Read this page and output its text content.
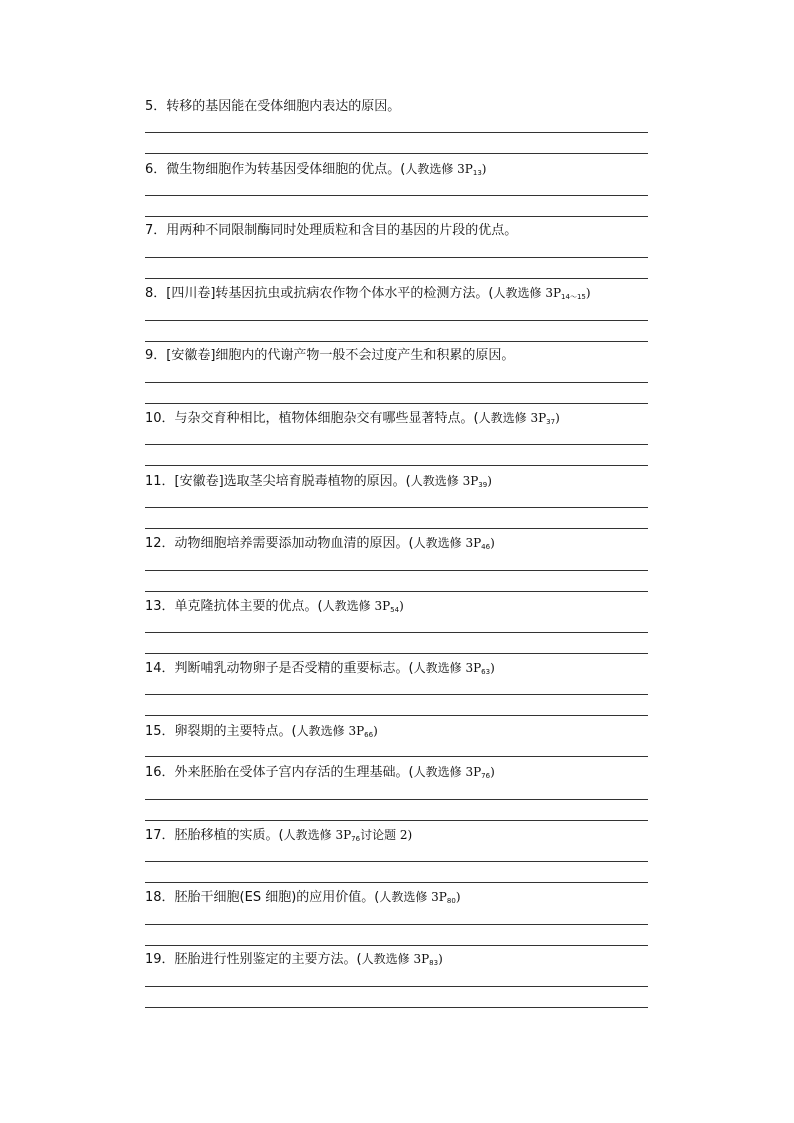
5．转移的基因能在受体细胞内表达的原因。
6．微生物细胞作为转基因受体细胞的优点。(人教选修 $3P_{13}$)
7．用两种不同限制酶同时处理质粒和含目的基因的片段的优点。
8．[四川卷]转基因抗虫或抗病农作物个体水平的检测方法。(人教选修 $3P_{14\sim 15}$)
9．[安徽卷]细胞内的代谢产物一般不会过度产生和积累的原因。
10．与杂交育种相比，植物体细胞杂交有哪些显著特点。(人教选修 $3P_{37}$)
11．[安徽卷]选取茎尖培育脱毒植物的原因。(人教选修 $3P_{39}$)
12．动物细胞培养需要添加动物血清的原因。(人教选修 $3P_{46}$)
13．单克隆抗体主要的优点。(人教选修 $3P_{54}$)
14．判断哺乳动物卵子是否受精的重要标志。(人教选修 $3P_{63}$)
15．卵裂期的主要特点。(人教选修 $3P_{66}$)
16．外来胚胎在受体子宫内存活的生理基础。(人教选修 $3P_{76}$)
17．胚胎移植的实质。(人教选修 $3P_{76}$讨论题 2)
18．胚胎干细胞(ES 细胞)的应用价值。(人教选修 $3P_{80}$)
19．胚胎进行性别鉴定的主要方法。(人教选修 $3P_{83}$)
